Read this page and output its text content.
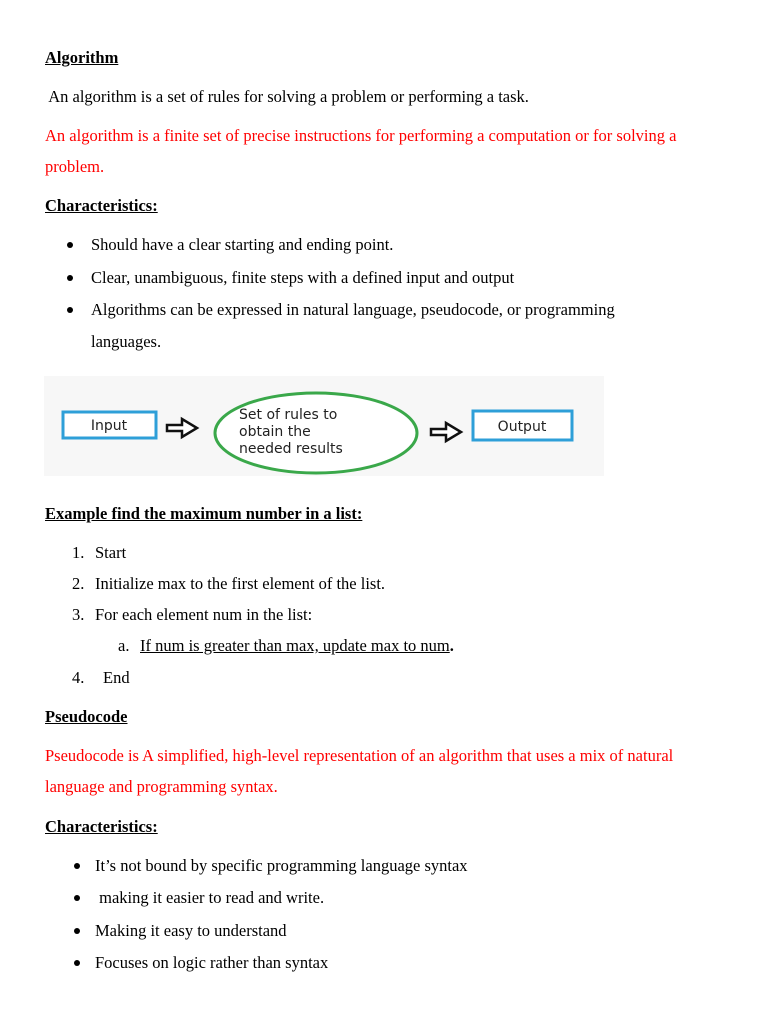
Algorithm
An algorithm is a set of rules for solving a problem or performing a task.
An algorithm is a finite set of precise instructions for performing a computation or for solving a
problem.
Characteristics:
Should have a clear starting and ending point.
Clear, unambiguous, finite steps with a defined input and output
Algorithms can be expressed in natural language, pseudocode, or programming
languages.
Input
Set of rules to
obtain the
needed results
Output
Example find the maximum number in a list:
1. Start
2. Initialize max to the first element of the list.
3. For each element num in the list:
a. If num is greater than max, update max to num.
4. End
Pseudocode
Pseudocode is A simplified, high-level representation of an algorithm that uses a mix of natural
language and programming syntax.
Characteristics:
It’s not bound by specific programming language syntax
making it easier to read and write.
Making it easy to understand
Focuses on logic rather than syntax
